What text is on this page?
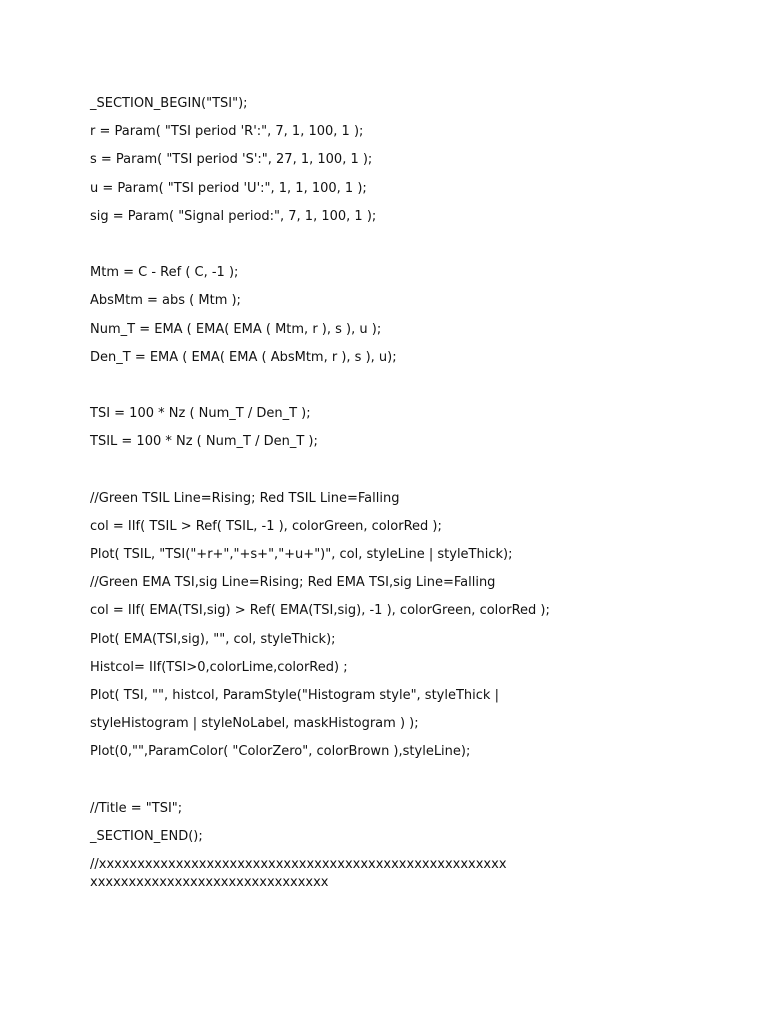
_SECTION_BEGIN("TSI");
r = Param( "TSI period 'R':", 7, 1, 100, 1 );
s = Param( "TSI period 'S':", 27, 1, 100, 1 );
u = Param( "TSI period 'U':", 1, 1, 100, 1 );
sig = Param( "Signal period:", 7, 1, 100, 1 );
Mtm = C - Ref ( C, -1 );
AbsMtm = abs ( Mtm );
Num_T = EMA ( EMA( EMA ( Mtm, r ), s ), u );
Den_T = EMA ( EMA( EMA ( AbsMtm, r ), s ), u);
TSI = 100 * Nz ( Num_T / Den_T );
TSIL = 100 * Nz ( Num_T / Den_T );
//Green TSIL Line=Rising; Red TSIL Line=Falling
col = IIf( TSIL > Ref( TSIL, -1 ), colorGreen, colorRed );
Plot( TSIL, "TSI("+r+","+s+","+u+")", col, styleLine | styleThick);
//Green EMA TSI,sig Line=Rising; Red EMA TSI,sig Line=Falling
col = IIf( EMA(TSI,sig) > Ref( EMA(TSI,sig), -1 ), colorGreen, colorRed );
Plot( EMA(TSI,sig), "", col, styleThick);
Histcol= IIf(TSI>0,colorLime,colorRed) ;
Plot( TSI, "", histcol, ParamStyle("Histogram style", styleThick |
styleHistogram | styleNoLabel, maskHistogram ) );
Plot(0,"",ParamColor( "ColorZero", colorBrown ),styleLine);
//Title = "TSI";
_SECTION_END();
//xxxxxxxxxxxxxxxxxxxxxxxxxxxxxxxxxxxxxxxxxxxxxxxxxxxxx
xxxxxxxxxxxxxxxxxxxxxxxxxxxxxxx
